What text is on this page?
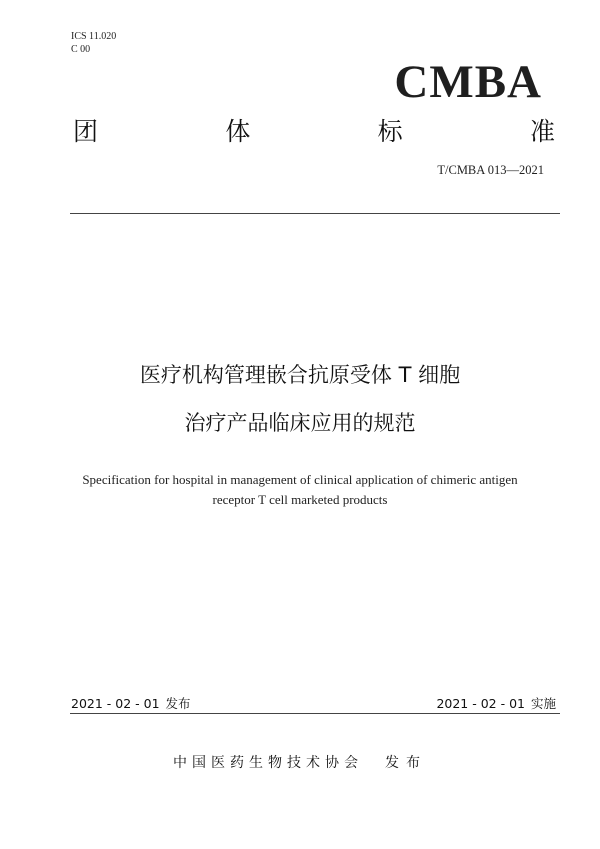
ICS 11.020
C 00
CMBA
团	体	标	准
T/CMBA 013—2021
医疗机构管理嵌合抗原受体 T 细胞
治疗产品临床应用的规范
Specification for hospital in management of clinical application of chimeric antigen
receptor T cell marketed products
2021 - 02 - 01 发布	2021 - 02 - 01 实施
中国医药生物技术协会 发布
